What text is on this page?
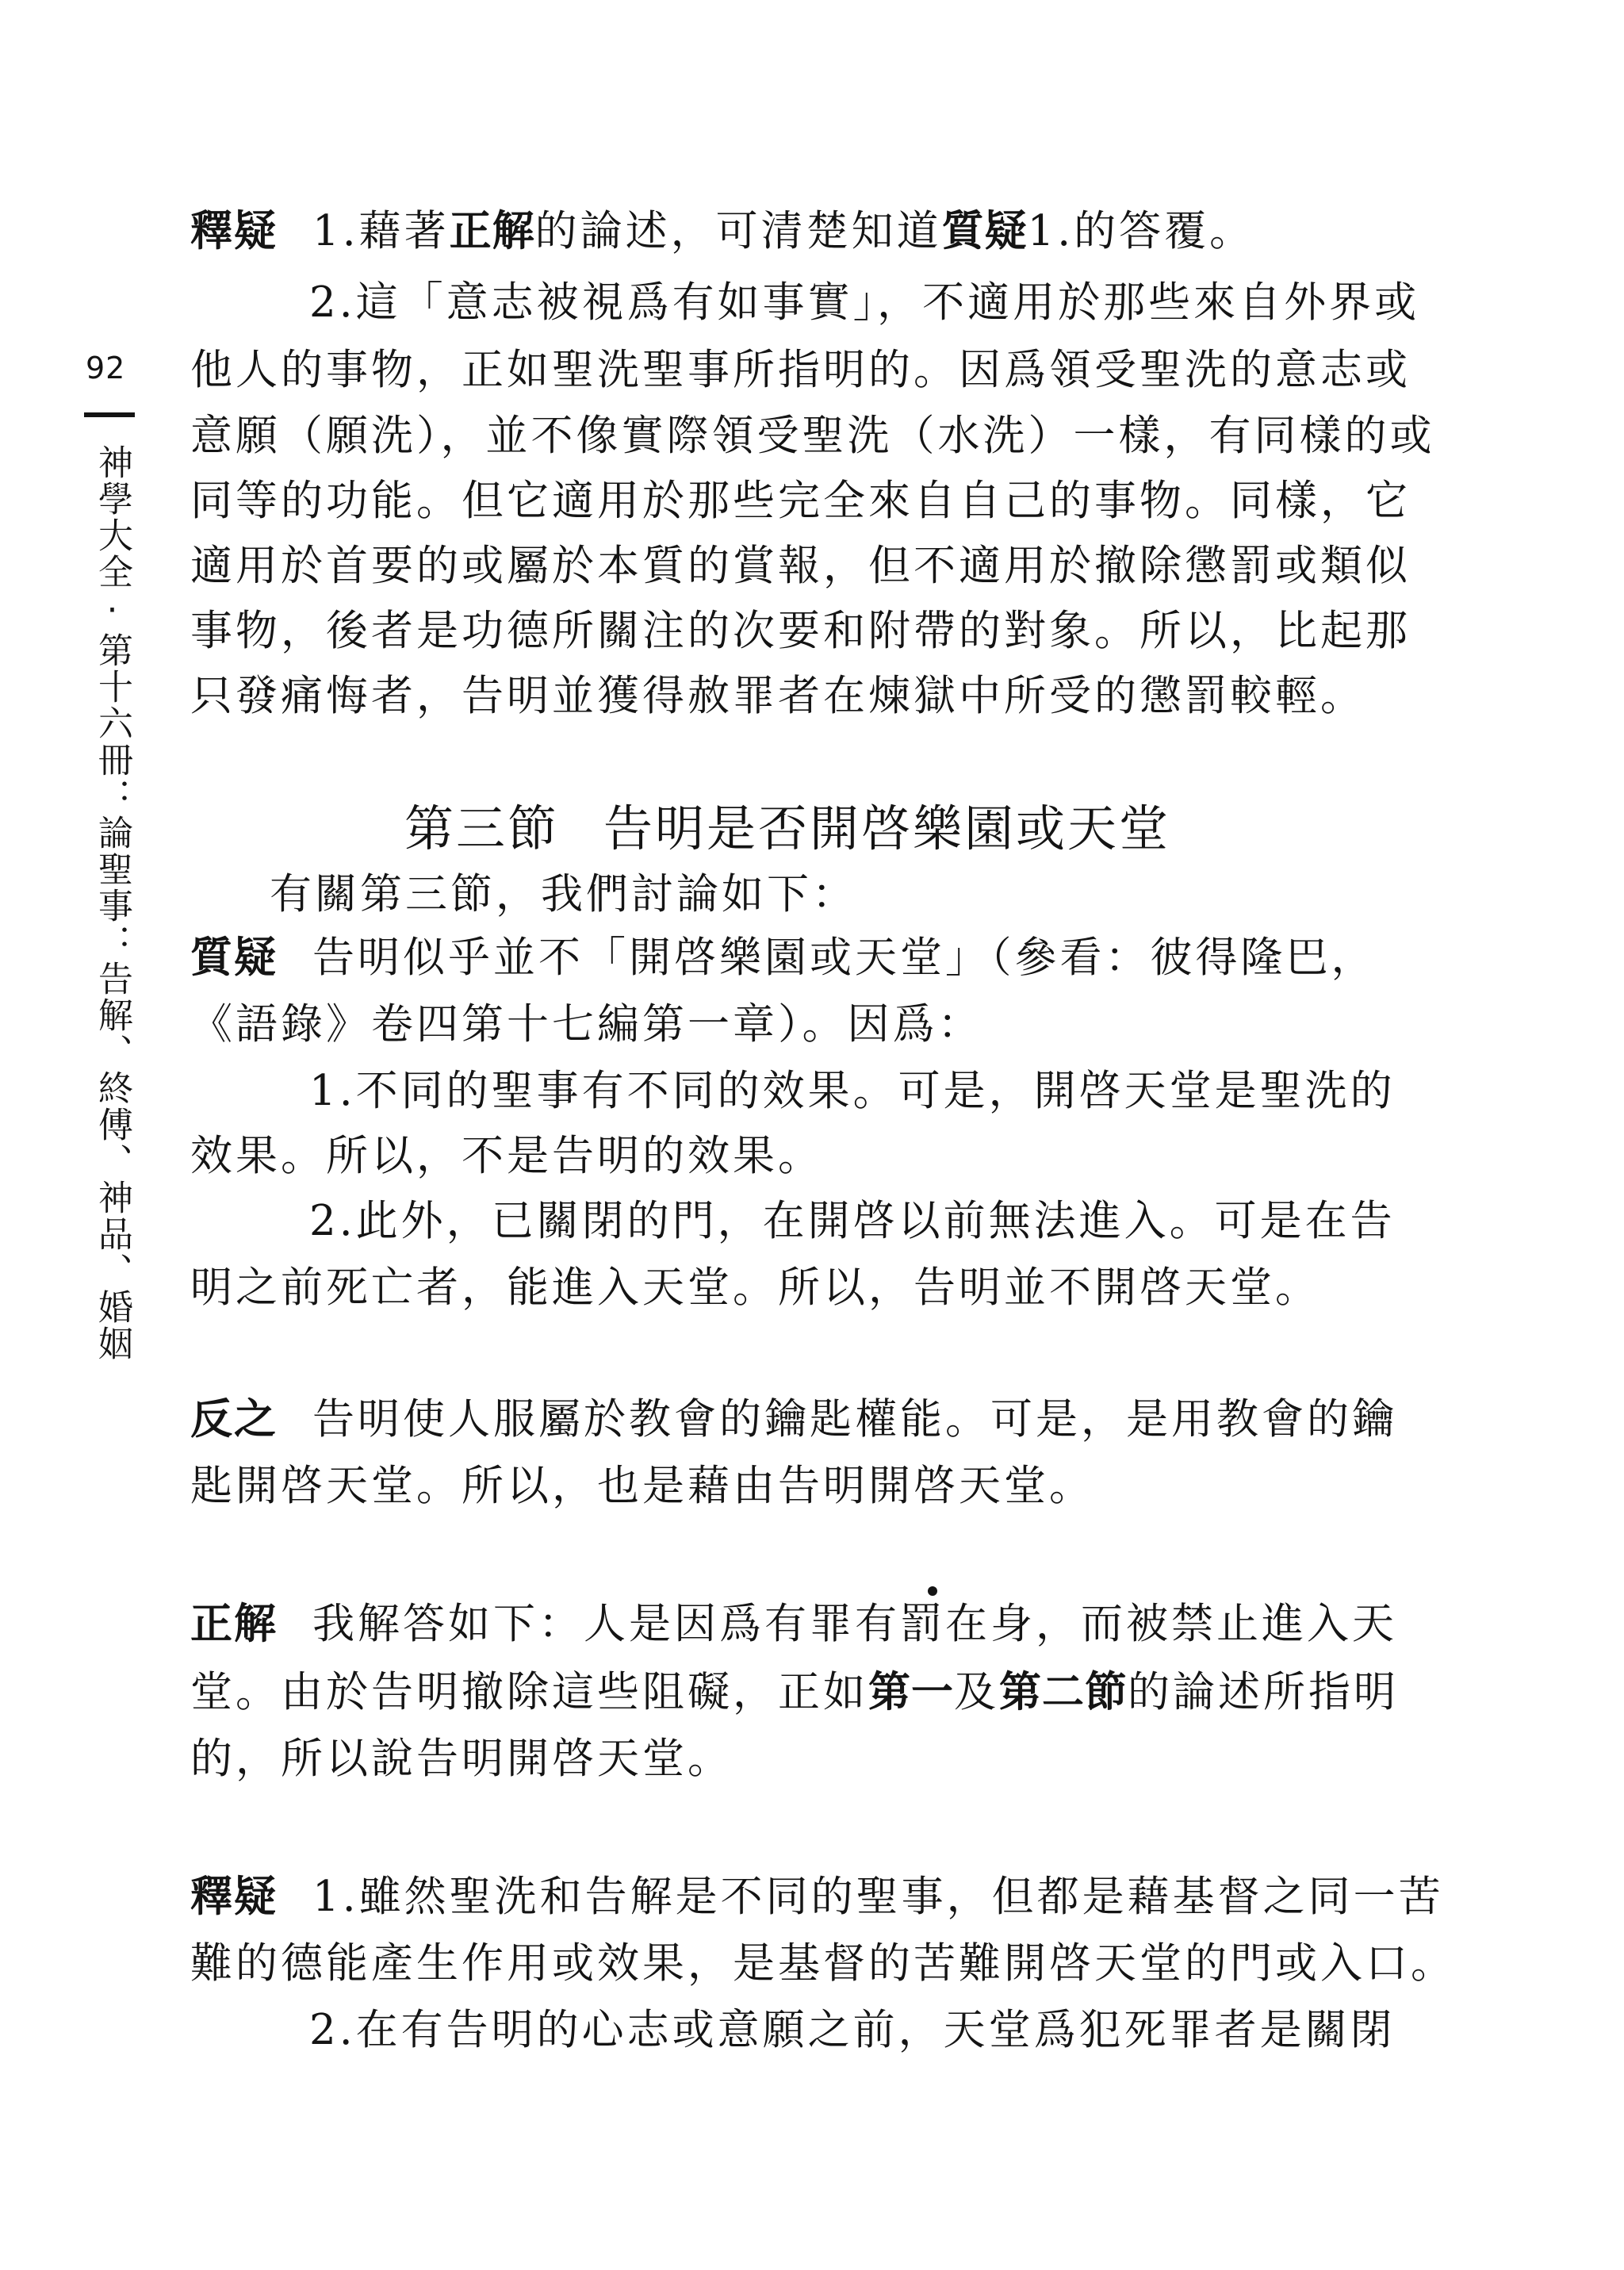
92
神學大全·第十六冊：論聖事：告解、終傅、神品、婚姻
釋疑 1.藉著正解的論述，可清楚知道質疑1.的答覆。
2.這「意志被視爲有如事實」，不適用於那些來自外界或
他人的事物，正如聖洗聖事所指明的。因爲領受聖洗的意志或
意願（願洗），並不像實際領受聖洗（水洗）一樣，有同樣的或
同等的功能。但它適用於那些完全來自自己的事物。同樣，它
適用於首要的或屬於本質的賞報，但不適用於撤除懲罰或類似
事物，後者是功德所關注的次要和附帶的對象。所以，比起那
只發痛悔者，告明並獲得赦罪者在煉獄中所受的懲罰較輕。
第三節 告明是否開啓樂園或天堂
有關第三節，我們討論如下：
質疑 告明似乎並不「開啓樂園或天堂」（參看：彼得隆巴，
《語錄》卷四第十七編第一章）。因爲：
1.不同的聖事有不同的效果。可是，開啓天堂是聖洗的
效果。所以，不是告明的效果。
2.此外，已關閉的門，在開啓以前無法進入。可是在告
明之前死亡者，能進入天堂。所以，告明並不開啓天堂。
反之 告明使人服屬於教會的鑰匙權能。可是，是用教會的鑰
匙開啓天堂。所以，也是藉由告明開啓天堂。
正解 我解答如下：人是因爲有罪有罰在身，而被禁止進入天
堂。由於告明撤除這些阻礙，正如第一及第二節的論述所指明
的，所以說告明開啓天堂。
釋疑 1.雖然聖洗和告解是不同的聖事，但都是藉基督之同一苦
難的德能產生作用或效果，是基督的苦難開啓天堂的門或入口。
2.在有告明的心志或意願之前，天堂爲犯死罪者是關閉
